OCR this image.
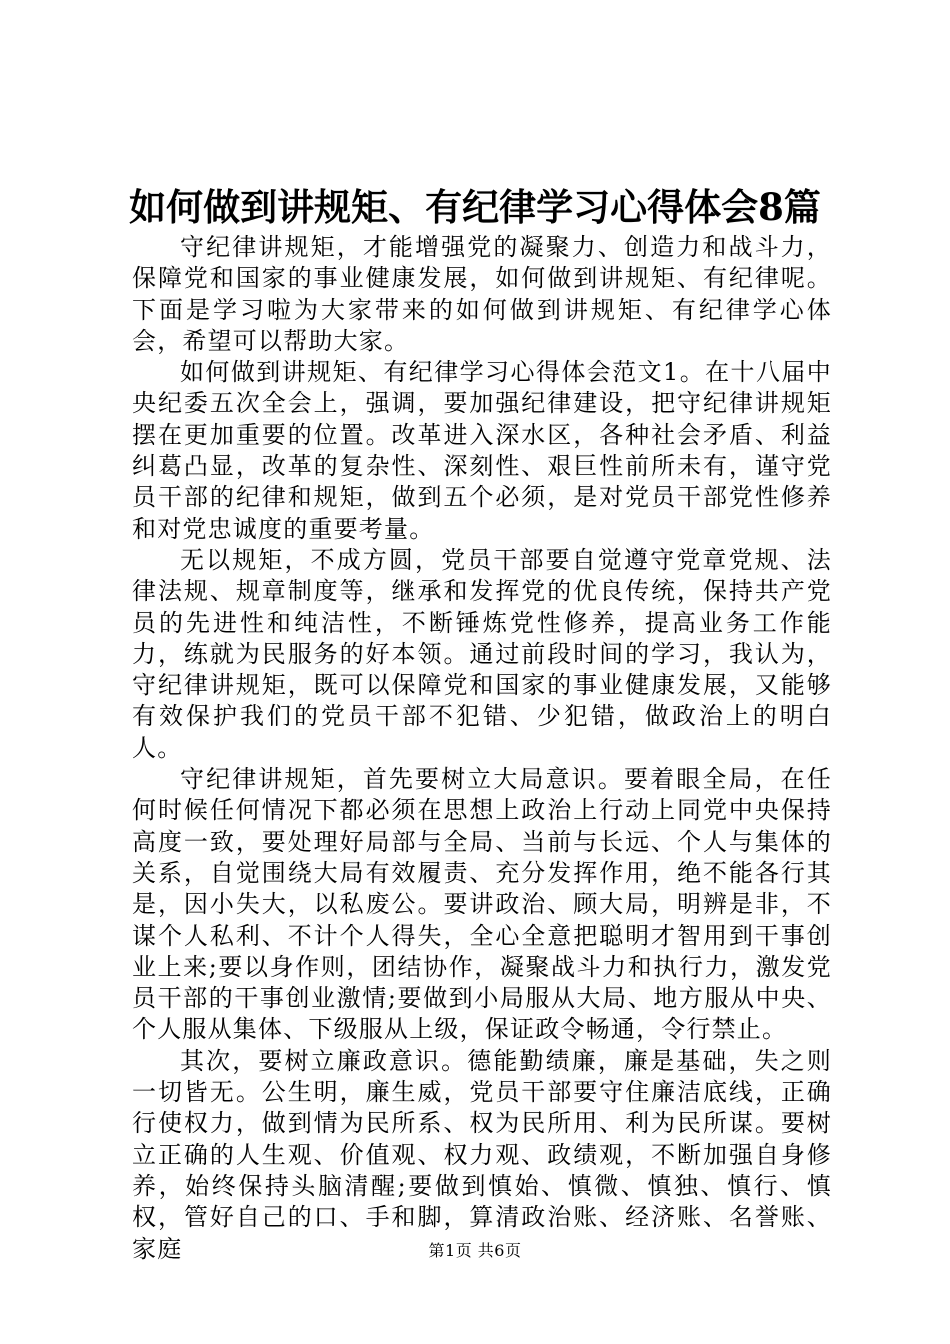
如何做到讲规矩、有纪律学习心得体会8篇

守纪律讲规矩，才能增强党的凝聚力、创造力和战斗力，保障党和国家的事业健康发展，如何做到讲规矩、有纪律呢。下面是学习啦为大家带来的如何做到讲规矩、有纪律学心体会，希望可以帮助大家。

如何做到讲规矩、有纪律学习心得体会范文1。在十八届中央纪委五次全会上，强调，要加强纪律建设，把守纪律讲规矩摆在更加重要的位置。改革进入深水区，各种社会矛盾、利益纠葛凸显，改革的复杂性、深刻性、艰巨性前所未有，谨守党员干部的纪律和规矩，做到五个必须，是对党员干部党性修养和对党忠诚度的重要考量。

无以规矩，不成方圆，党员干部要自觉遵守党章党规、法律法规、规章制度等，继承和发挥党的优良传统，保持共产党员的先进性和纯洁性，不断锤炼党性修养，提高业务工作能力，练就为民服务的好本领。通过前段时间的学习，我认为，守纪律讲规矩，既可以保障党和国家的事业健康发展，又能够有效保护我们的党员干部不犯错、少犯错，做政治上的明白人。

守纪律讲规矩，首先要树立大局意识。要着眼全局，在任何时候任何情况下都必须在思想上政治上行动上同党中央保持高度一致，要处理好局部与全局、当前与长远、个人与集体的关系，自觉围绕大局有效履责、充分发挥作用，绝不能各行其是，因小失大，以私废公。要讲政治、顾大局，明辨是非，不谋个人私利、不计个人得失，全心全意把聪明才智用到干事创业上来;要以身作则，团结协作，凝聚战斗力和执行力，激发党员干部的干事创业激情;要做到小局服从大局、地方服从中央、个人服从集体、下级服从上级，保证政令畅通，令行禁止。

其次，要树立廉政意识。德能勤绩廉，廉是基础，失之则一切皆无。公生明，廉生威，党员干部要守住廉洁底线，正确行使权力，做到情为民所系、权为民所用、利为民所谋。要树立正确的人生观、价值观、权力观、政绩观，不断加强自身修养，始终保持头脑清醒;要做到慎始、慎微、慎独、慎行、慎权，管好自己的口、手和脚，算清政治账、经济账、名誉账、家庭	第1页 共6页
